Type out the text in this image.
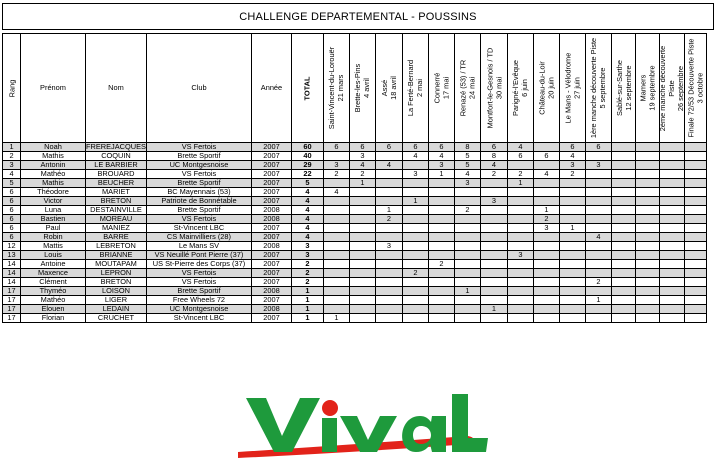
CHALLENGE DEPARTEMENTAL - POUSSINS
Rang	Prénom	Nom	Club	Année	TOTAL	Saint-Vincent-du-Lorouër 21 mars	Brette-les-Pins 4 avril	Assé 18 avril	La Ferté-Bernard 2 mai	Connerré 17 mai	Renazé (53) / TR 24 mai	Montfort-le-Gesnois / TD 30 mai	Parigné-l'Evêque 6 juin	Château-du-Loir 20 juin	Le Mans - Vélodrome 27 juin	1ère manche découverte Piste 5 septembre	Sablé-sur-Sarthe 12 septembre	Mamers 19 septembre	2ème manche découverte Piste 26 septembre	Finale 72/53 Découverte Piste 3 octobre

1	Noah	FREREJACQUES	VS Fertois	2007	60	6	6	6	6	6	8	6	4		6	6				
2	Mathis	COQUIN	Brette Sportif	2007	40		3		4	4	5	8	6	6	4					
3	Antonin	LE BARBIER	UC Montgesnoise	2007	29	3	4	4		3	5	4			3	3				
4	Mathéo	BROUARD	VS Fertois	2007	22	2	2		3	1	4	2	2	4	2					
5	Mathis	BEUCHER	Brette Sportif	2007	5		1				3		1							
6	Théodore	MARIET	BC Mayennais (53)	2007	4	4														
6	Victor	BRETON	Patriote de Bonnétable	2007	4				1			3								
6	Luna	DESTAINVILLE	Brette Sportif	2008	4			1			2			1						
6	Bastien	MOREAU	VS Fertois	2008	4			2						2						
6	Paul	MANIEZ	St-Vincent LBC	2007	4									3	1					
6	Robin	BARRE	CS Mainvilliers (28)	2007	4											4				
12	Mattis	LEBRETON	Le Mans SV	2008	3			3												
13	Louis	BRIANNE	VS Neuillé Pont Pierre (37)	2007	3								3							
14	Antoine	MOUTAPAM	US St-Pierre des Corps (37)	2007	2					2										
14	Maxence	LEPRON	VS Fertois	2007	2				2											
14	Clément	BRETON	VS Fertois	2007	2											2				
17	Thyméo	LOISON	Brette Sportif	2008	1						1									
17	Mathéo	LIGER	Free Wheels 72	2007	1											1				
17	Elouen	LEDAIN	UC Montgesnoise	2008	1							1								
17	Florian	CRUCHET	St-Vincent LBC	2007	1	1														
